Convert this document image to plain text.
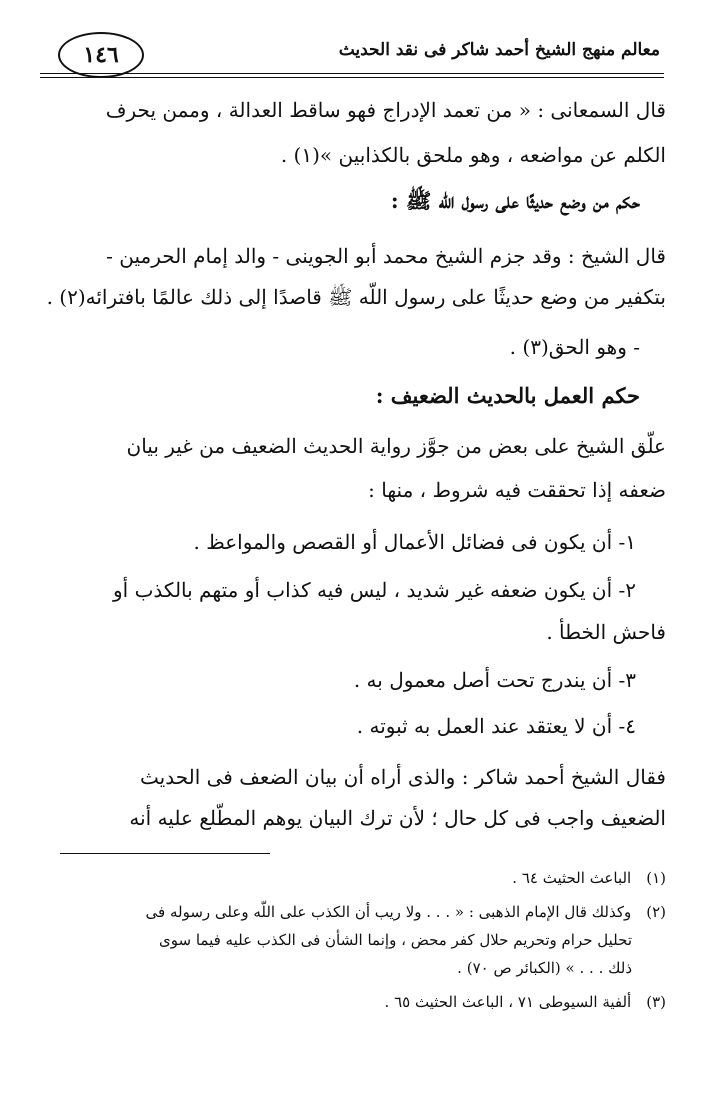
١٤٦	معالم منهج الشيخ أحمد شاكر فى نقد الحديث
قال السمعانى : « من تعمد الإدراج فهو ساقط العدالة ، وممن يحرف
الكلم عن مواضعه ، وهو ملحق بالكذابين »(١) .
حكم من وضع حديثًا على رسول اللّه ﷺ :
قال الشيخ : وقد جزم الشيخ محمد أبو الجوينى - والد إمام الحرمين -
بتكفير من وضع حديثًا على رسول اللّه ﷺ قاصدًا إلى ذلك عالمًا بافترائه(٢) .
- وهو الحق(٣) .
حكم العمل بالحديث الضعيف :
علّق الشيخ على بعض من جوَّز رواية الحديث الضعيف من غير بيان
ضعفه إذا تحققت فيه شروط ، منها :
١- أن يكون فى فضائل الأعمال أو القصص والمواعظ .
٢- أن يكون ضعفه غير شديد ، ليس فيه كذاب أو متهم بالكذب أو
فاحش الخطأ .
٣- أن يندرج تحت أصل معمول به .
٤- أن لا يعتقد عند العمل به ثبوته .
فقال الشيخ أحمد شاكر : والذى أراه أن بيان الضعف فى الحديث
الضعيف واجب فى كل حال ؛ لأن ترك البيان يوهم المطّلع عليه أنه
(١) الباعث الحثيث ٦٤ .
(٢) وكذلك قال الإمام الذهبى : « . . . ولا ريب أن الكذب على اللّه وعلى رسوله فى
تحليل حرام وتحريم حلال كفر محض ، وإنما الشأن فى الكذب عليه فيما سوى
ذلك . . . » (الكبائر ص ٧٠) .
(٣) ألفية السيوطى ٧١ ، الباعث الحثيث ٦٥ .
